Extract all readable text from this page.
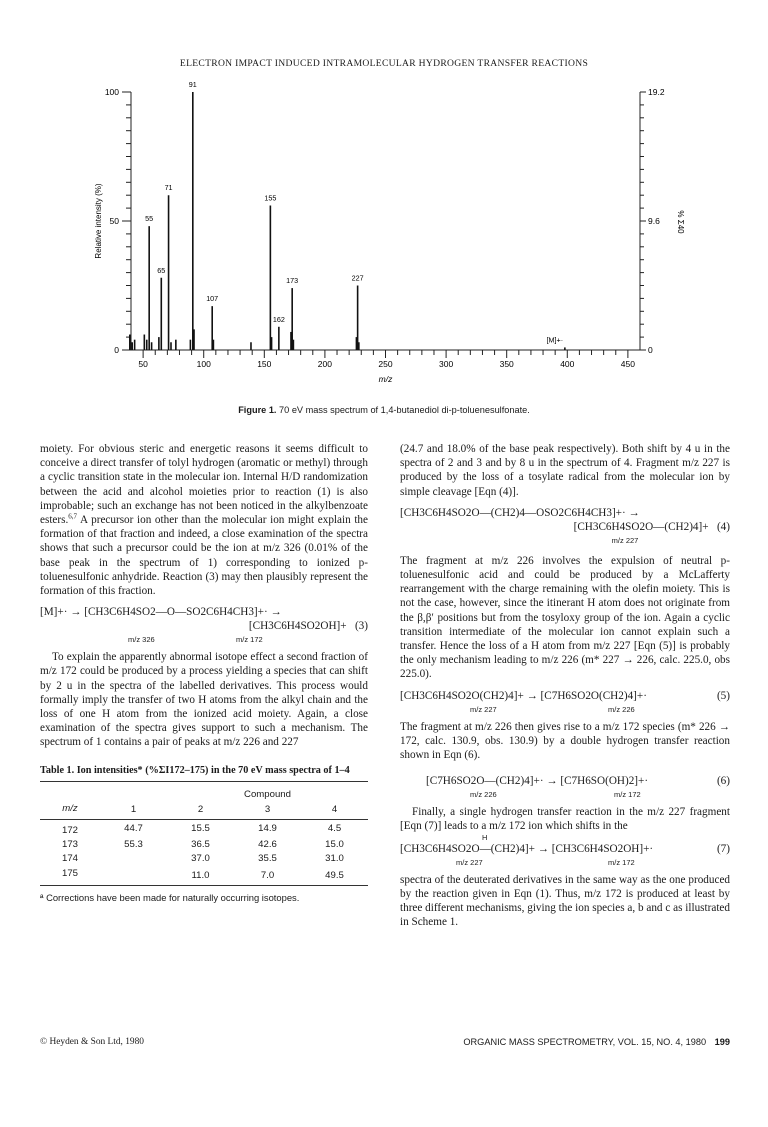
ELECTRON IMPACT INDUCED INTRAMOLECULAR HYDROGEN TRANSFER REACTIONS
0
50
100
0
9.6
19.2
50	100	150	200	250	300	350	400	450
m/z
Relative intensity (%)	% Σ40
55
65
71
91
107
155
162
173	227
[M]+·
Figure 1. 70 eV mass spectrum of 1,4-butanediol di-p-toluenesulfonate.

moiety. For obvious steric and energetic reasons it seems difficult to conceive a direct transfer of tolyl hydrogen (aromatic or methyl) through a cyclic transition state in the molecular ion. Internal H/D randomization between the acid and alcohol moieties prior to reaction (1) is also improbable; such an exchange has not been noticed in the alkylbenzoate esters.$^{6,7}$ A precursor ion other than the molecular ion might explain the formation of that fraction and indeed, a close examination of the spectra shows that such a precursor could be the ion at m/z 326 (0.01% of the base peak in the spectrum of 1) corresponding to ionized p-toluenesulfonic anhydride. Reaction (3) may then plausibly represent the formation of this fraction.

[M]+· → [CH3C6H4SO2—O—SO2C6H4CH3]+· →
[CH3C6H4SO2OH]+ (3)
m/z 326	m/z 172

To explain the apparently abnormal isotope effect a second fraction of m/z 172 could be produced by a process yielding a species that can shift by 2 u in the spectra of the labelled derivatives. This process would formally imply the transfer of two H atoms from the alkyl chain and the loss of one H atom from the ionized acid moiety. Again, a close examination of the spectra gives support to such a mechanism. The spectrum of 1 contains a pair of peaks at m/z 226 and 227

Table 1. Ion intensities* (%ΣI172–175) in the 70 eV mass spectra of 1–4
		Compound		
m/z	1	2	3	4
172	44.7	15.5	14.9	4.5
173	55.3	36.5	42.6	15.0
174		37.0	35.5	31.0
175		11.0	7.0	49.5
ª Corrections have been made for naturally occurring isotopes.

(24.7 and 18.0% of the base peak respectively). Both shift by 4 u in the spectra of 2 and 3 and by 8 u in the spectrum of 4. Fragment m/z 227 is produced by the loss of a tosylate radical from the molecular ion by simple cleavage [Eqn (4)].

[CH3C6H4SO2O—(CH2)4—OSO2C6H4CH3]+· →
[CH3C6H4SO2O—(CH2)4]+ (4)
m/z 227

The fragment at m/z 226 involves the expulsion of neutral p-toluenesulfonic acid and could be produced by a McLafferty rearrangement with the charge remaining with the olefin moiety. This is not the case, however, since the itinerant H atom does not originate from the β,β′ positions but from the tosyloxy group of the ion. Again a cyclic transition intermediate of the molecular ion cannot explain such a transfer. Hence the loss of a H atom from m/z 227 [Eqn (5)] is probably the only mechanism leading to m/z 226 (m* 227 → 226, calc. 225.0, obs 225.0).

[CH3C6H4SO2O(CH2)4]+ → [C7H6SO2O(CH2)4]+·	(5)
m/z 227	m/z 226

The fragment at m/z 226 then gives rise to a m/z 172 species (m* 226 → 172, calc. 130.9, obs. 130.9) by a double hydrogen transfer reaction shown in Eqn (6).

[C7H6SO2O—(CH2)4]+· → [C7H6SO(OH)2]+·	(6)
m/z 226	m/z 172

Finally, a single hydrogen transfer reaction in the m/z 227 fragment [Eqn (7)] leads to a m/z 172 ion which shifts in the

H
[CH3C6H4SO2O—(CH2)4]+ → [CH3C6H4SO2OH]+·	(7)
m/z 227	m/z 172

spectra of the deuterated derivatives in the same way as the one produced by the reaction given in Eqn (1). Thus, m/z 172 is produced at least by three different mechanisms, giving the ion species a, b and c as illustrated in Scheme 1.

© Heyden & Son Ltd, 1980	ORGANIC MASS SPECTROMETRY, VOL. 15, NO. 4, 1980 199
